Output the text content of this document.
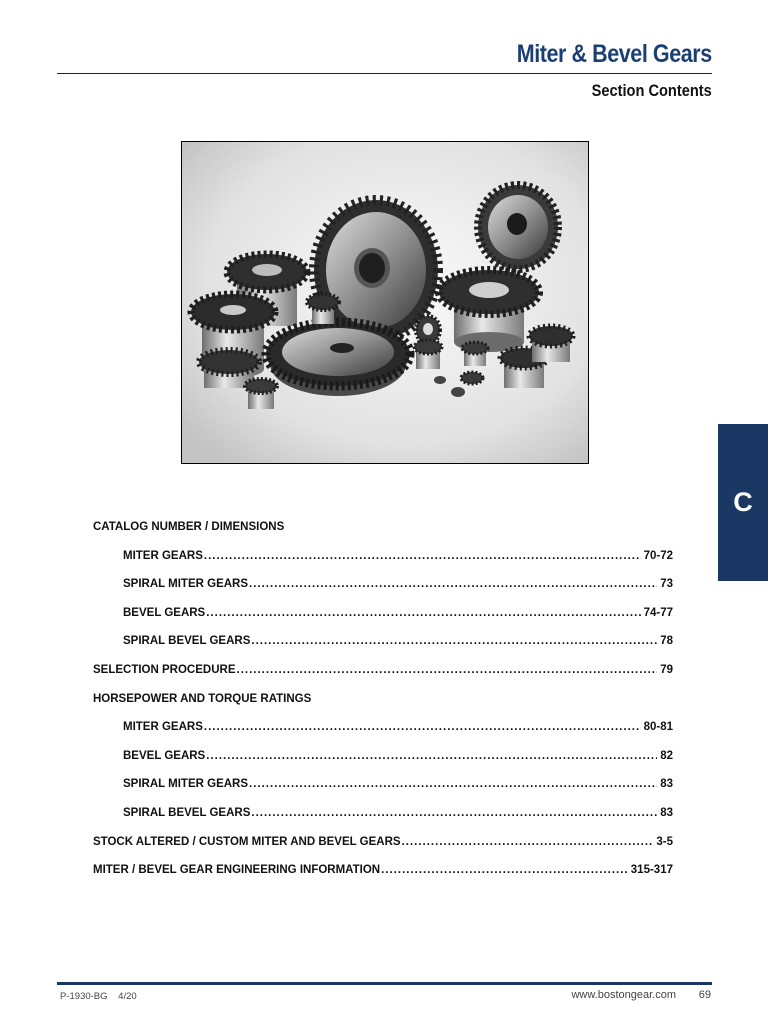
Miter & Bevel Gears
Section Contents
CATALOG NUMBER / DIMENSIONS
MITER GEARS .....	70-72
SPIRAL MITER GEARS .....	73
BEVEL GEARS .....	74-77
SPIRAL BEVEL GEARS .....	78
SELECTION PROCEDURE .....	79
HORSEPOWER AND TORQUE RATINGS
MITER GEARS .....	80-81
BEVEL GEARS .....	82
SPIRAL MITER GEARS .....	83
SPIRAL BEVEL GEARS .....	83
STOCK ALTERED / CUSTOM MITER AND BEVEL GEARS .....	3-5
MITER / BEVEL GEAR ENGINEERING INFORMATION .....	315-317
C
P-1930-BG 4/20	www.bostongear.com 69
